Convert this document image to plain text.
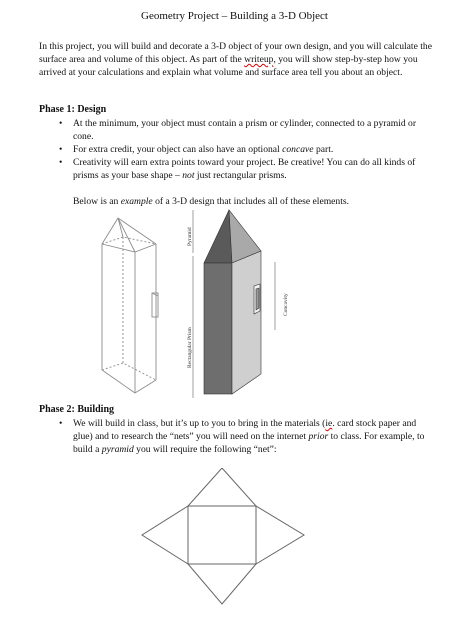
Geometry Project – Building a 3-D Object
In this project, you will build and decorate a 3-D object of your own design, and you will calculate the surface area and volume of this object. As part of the writeup, you will show step-by-step how you arrived at your calculations and explain what volume and surface area tell you about an object.
Phase 1: Design
• At the minimum, your object must contain a prism or cylinder, connected to a pyramid or cone.
• For extra credit, your object can also have an optional concave part.
• Creativity will earn extra points toward your project. Be creative! You can do all kinds of prisms as your base shape – not just rectangular prisms.
Below is an example of a 3-D design that includes all of these elements.
Pyramid
Rectangular Prism
Concavity
Phase 2: Building
• We will build in class, but it’s up to you to bring in the materials (ie. card stock paper and glue) and to research the “nets” you will need on the internet prior to class. For example, to build a pyramid you will require the following “net”:
